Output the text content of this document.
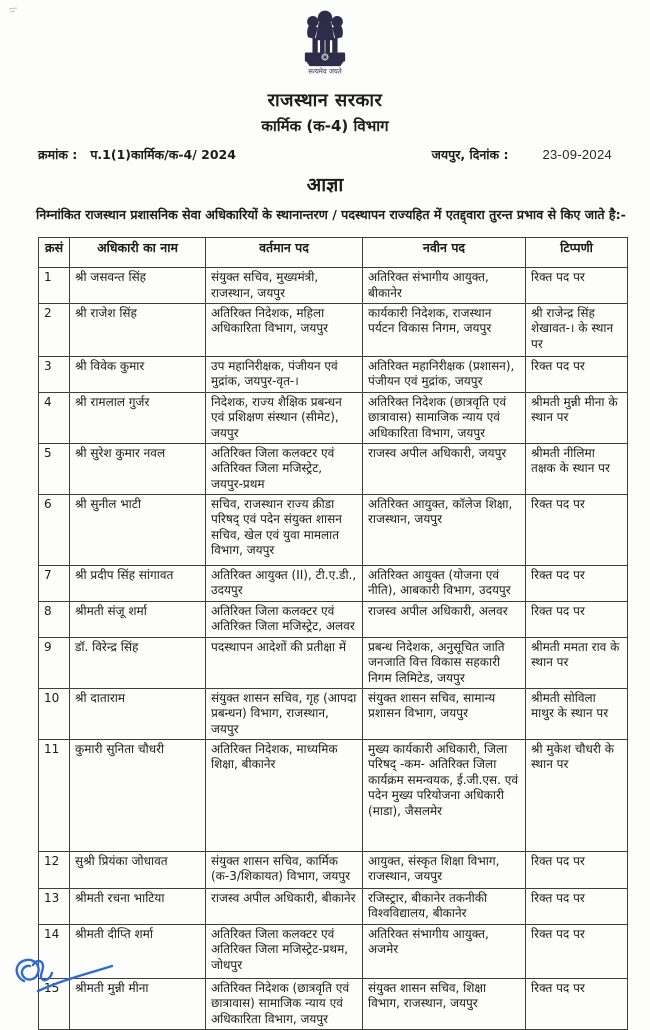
सत्यमेव जयते
राजस्थान सरकार
कार्मिक (क-4) विभाग
क्रमांक : प.1(1)कार्मिक/क-4/ 2024	जयपुर, दिनांक :	23-09-2024
आज्ञा
निम्नांकित राजस्थान प्रशासनिक सेवा अधिकारियों के स्थानान्तरण / पदस्थापन राज्यहित में एतद्द्वारा तुरन्त प्रभाव से किए जाते है:-
क्रसं	अधिकारी का नाम	वर्तमान पद	नवीन पद	टिप्पणी
1	श्री जसवन्त सिंह	संयुक्त सचिव, मुख्यमंत्री, राजस्थान, जयपुर	अतिरिक्त संभागीय आयुक्त, बीकानेर	रिक्त पद पर
2	श्री राजेश सिंह	अतिरिक्त निदेशक, महिला अधिकारिता विभाग, जयपुर	कार्यकारी निदेशक, राजस्थान पर्यटन विकास निगम, जयपुर	श्री राजेन्द्र सिंह शेखावत-। के स्थान पर
3	श्री विवेक कुमार	उप महानिरीक्षक, पंजीयन एवं मुद्रांक, जयपुर-वृत-।	अतिरिक्त महानिरीक्षक (प्रशासन), पंजीयन एवं मुद्रांक, जयपुर	रिक्त पद पर
4	श्री रामलाल गुर्जर	निदेशक, राज्य शैक्षिक प्रबन्धन एवं प्रशिक्षण संस्थान (सीमेट), जयपुर	अतिरिक्त निदेशक (छात्रवृति एवं छात्रावास) सामाजिक न्याय एवं अधिकारिता विभाग, जयपुर	श्रीमती मुन्नी मीना के स्थान पर
5	श्री सुरेश कुमार नवल	अतिरिक्त जिला कलक्टर एवं अतिरिक्त जिला मजिस्ट्रेट, जयपुर-प्रथम	राजस्व अपील अधिकारी, जयपुर	श्रीमती नीलिमा तक्षक के स्थान पर
6	श्री सुनील भाटी	सचिव, राजस्थान राज्य क्रीडा परिषद् एवं पदेन संयुक्त शासन सचिव, खेल एवं युवा मामलात विभाग, जयपुर	अतिरिक्त आयुक्त, कॉलेज शिक्षा, राजस्थान, जयपुर	रिक्त पद पर
7	श्री प्रदीप सिंह सांगावत	अतिरिक्त आयुक्त (II), टी.ए.डी., उदयपुर	अतिरिक्त आयुक्त (योजना एवं नीति), आबकारी विभाग, उदयपुर	रिक्त पद पर
8	श्रीमती संजू शर्मा	अतिरिक्त जिला कलक्टर एवं अतिरिक्त जिला मजिस्ट्रेट, अलवर	राजस्व अपील अधिकारी, अलवर	रिक्त पद पर
9	डॉ. विरेन्द्र सिंह	पदस्थापन आदेशों की प्रतीक्षा में	प्रबन्ध निदेशक, अनुसूचित जाति जनजाति वित्त विकास सहकारी निगम लिमिटेड, जयपुर	श्रीमती ममता राव के स्थान पर
10	श्री दाताराम	संयुक्त शासन सचिव, गृह (आपदा प्रबन्धन) विभाग, राजस्थान, जयपुर	संयुक्त शासन सचिव, सामान्य प्रशासन विभाग, जयपुर	श्रीमती सोविला माथुर के स्थान पर
11	कुमारी सुनिता चौधरी	अतिरिक्त निदेशक, माध्यमिक शिक्षा, बीकानेर	मुख्य कार्यकारी अधिकारी, जिला परिषद् -कम- अतिरिक्त जिला कार्यक्रम समन्वयक, ई.जी.एस. एवं पदेन मुख्य परियोजना अधिकारी (माडा), जैसलमेर	श्री मुकेश चौधरी के स्थान पर
12	सुश्री प्रियंका जोधावत	संयुक्त शासन सचिव, कार्मिक (क-3/शिकायत) विभाग, जयपुर	आयुक्त, संस्कृत शिक्षा विभाग, राजस्थान, जयपुर	रिक्त पद पर
13	श्रीमती रचना भाटिया	राजस्व अपील अधिकारी, बीकानेर	रजिस्ट्रार, बीकानेर तकनीकी विश्वविद्यालय, बीकानेर	रिक्त पद पर
14	श्रीमती दीप्ति शर्मा	अतिरिक्त जिला कलक्टर एवं अतिरिक्त जिला मजिस्ट्रेट-प्रथम, जोधपुर	अतिरिक्त संभागीय आयुक्त, अजमेर	रिक्त पद पर
15	श्रीमती मुन्नी मीना	अतिरिक्त निदेशक (छात्रवृति एवं छात्रावास) सामाजिक न्याय एवं अधिकारिता विभाग, जयपुर	संयुक्त शासन सचिव, शिक्षा विभाग, राजस्थान, जयपुर	रिक्त पद पर
